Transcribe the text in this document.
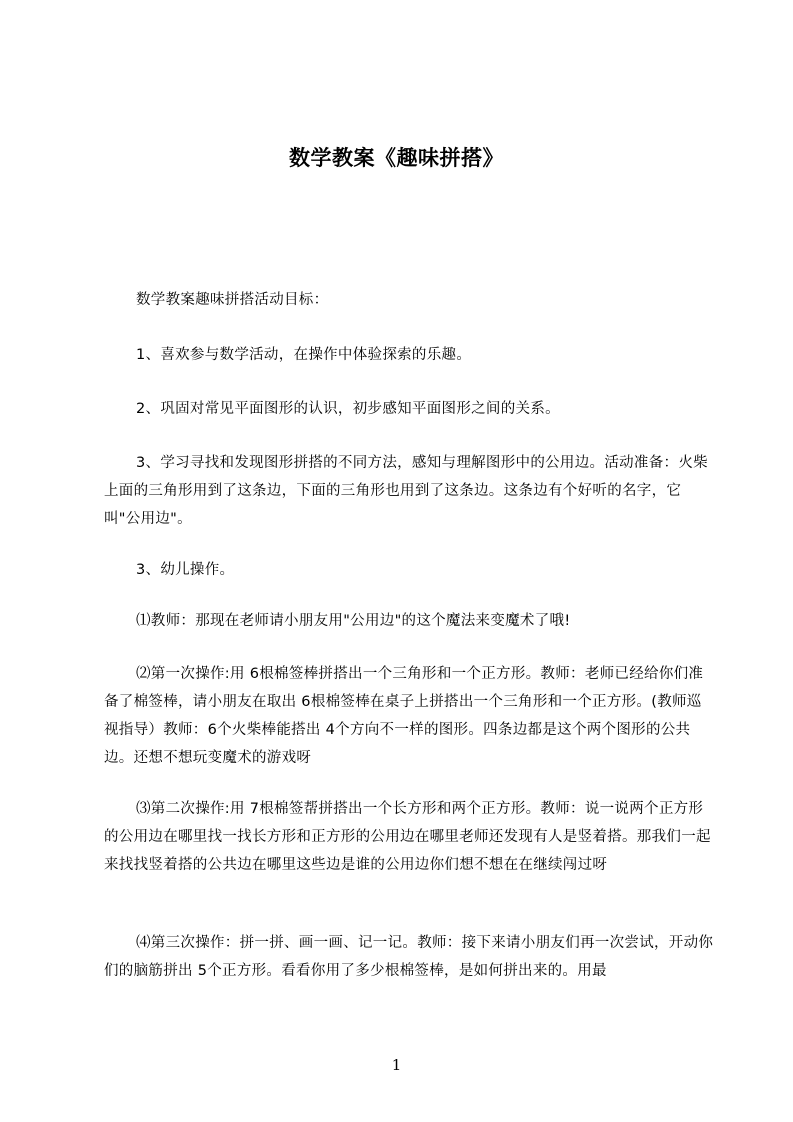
数学教案《趣味拼搭》

数学教案趣味拼搭活动目标：

1、喜欢参与数学活动，在操作中体验探索的乐趣。

2、巩固对常见平面图形的认识，初步感知平面图形之间的关系。

3、学习寻找和发现图形拼搭的不同方法，感知与理解图形中的公用边。活动准备：火柴上面的三角形用到了这条边，下面的三角形也用到了这条边。这条边有个好听的名字，它叫"公用边"。

3、幼儿操作。

⑴教师：那现在老师请小朋友用"公用边"的这个魔法来变魔术了哦!

⑵第一次操作:用 6根棉签棒拼搭出一个三角形和一个正方形。教师：老师已经给你们准备了棉签棒，请小朋友在取出 6根棉签棒在桌子上拼搭出一个三角形和一个正方形。(教师巡视指导）教师：6个火柴棒能搭出 4个方向不一样的图形。四条边都是这个两个图形的公共边。还想不想玩变魔术的游戏呀

⑶第二次操作:用 7根棉签帮拼搭出一个长方形和两个正方形。教师：说一说两个正方形的公用边在哪里找一找长方形和正方形的公用边在哪里老师还发现有人是竖着搭。那我们一起来找找竖着搭的公共边在哪里这些边是谁的公用边你们想不想在在继续闯过呀

⑷第三次操作：拼一拼、画一画、记一记。教师：接下来请小朋友们再一次尝试，开动你们的脑筋拼出 5个正方形。看看你用了多少根棉签棒，是如何拼出来的。用最

1
